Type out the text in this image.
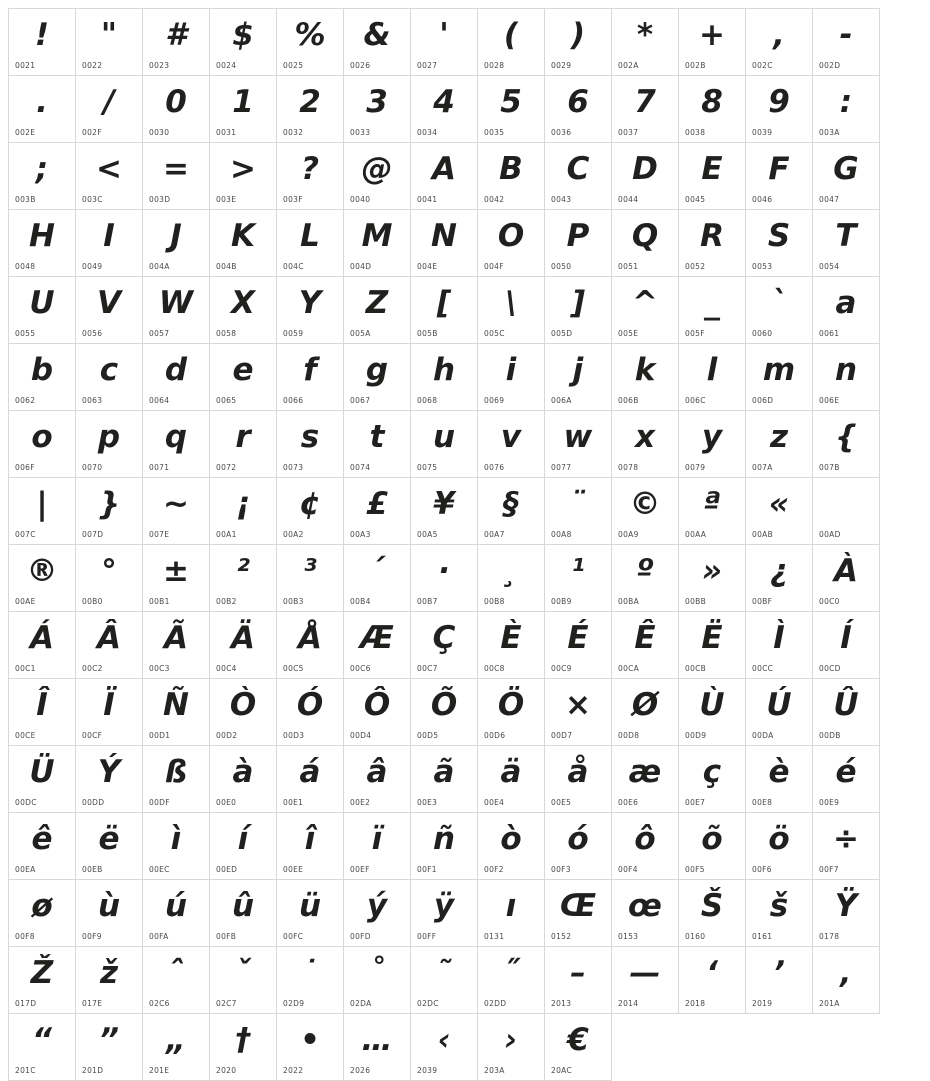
!
0021
"
0022
#
0023
$
0024
%
0025
&
0026
'
0027
(
0028
)
0029
*
002A
+
002B
,
002C
-
002D
.
002E
/
002F
0
0030
1
0031
2
0032
3
0033
4
0034
5
0035
6
0036
7
0037
8
0038
9
0039
:
003A
;
003B
<
003C
=
003D
>
003E
?
003F
@
0040
A
0041
B
0042
C
0043
D
0044
E
0045
F
0046
G
0047
H
0048
I
0049
J
004A
K
004B
L
004C
M
004D
N
004E
O
004F
P
0050
Q
0051
R
0052
S
0053
T
0054
U
0055
V
0056
W
0057
X
0058
Y
0059
Z
005A
[
005B
\
005C
]
005D
^
005E
_
005F
`
0060
a
0061
b
0062
c
0063
d
0064
e
0065
f
0066
g
0067
h
0068
i
0069
j
006A
k
006B
l
006C
m
006D
n
006E
o
006F
p
0070
q
0071
r
0072
s
0073
t
0074
u
0075
v
0076
w
0077
x
0078
y
0079
z
007A
{
007B
|
007C
}
007D
~
007E
¡
00A1
¢
00A2
£
00A3
¥
00A5
§
00A7
¨
00A8
©
00A9
ª
00AA
«
00AB	00AD
®
00AE
°
00B0
±
00B1
²
00B2
³
00B3
´
00B4
·
00B7
¸
00B8
¹
00B9
º
00BA
»
00BB
¿
00BF
À
00C0
Á
00C1
Â
00C2
Ã
00C3
Ä
00C4
Å
00C5
Æ
00C6
Ç
00C7
È
00C8
É
00C9
Ê
00CA
Ë
00CB
Ì
00CC
Í
00CD
Î
00CE
Ï
00CF
Ñ
00D1
Ò
00D2
Ó
00D3
Ô
00D4
Õ
00D5
Ö
00D6
×
00D7
Ø
00D8
Ù
00D9
Ú
00DA
Û
00DB
Ü
00DC
Ý
00DD
ß
00DF
à
00E0
á
00E1
â
00E2
ã
00E3
ä
00E4
å
00E5
æ
00E6
ç
00E7
è
00E8
é
00E9
ê
00EA
ë
00EB
ì
00EC
í
00ED
î
00EE
ï
00EF
ñ
00F1
ò
00F2
ó
00F3
ô
00F4
õ
00F5
ö
00F6
÷
00F7
ø
00F8
ù
00F9
ú
00FA
û
00FB
ü
00FC
ý
00FD
ÿ
00FF
ı
0131
Œ
0152
œ
0153
Š
0160
š
0161
Ÿ
0178
Ž
017D
ž
017E
ˆ
02C6
ˇ
02C7
˙
02D9
˚
02DA
˜
02DC
˝
02DD
–
2013
—
2014
‘
2018
’
2019
‚
201A
“
201C
”
201D
„
201E
†
2020
•
2022
…
2026
‹
2039
›
203A
€
20AC
